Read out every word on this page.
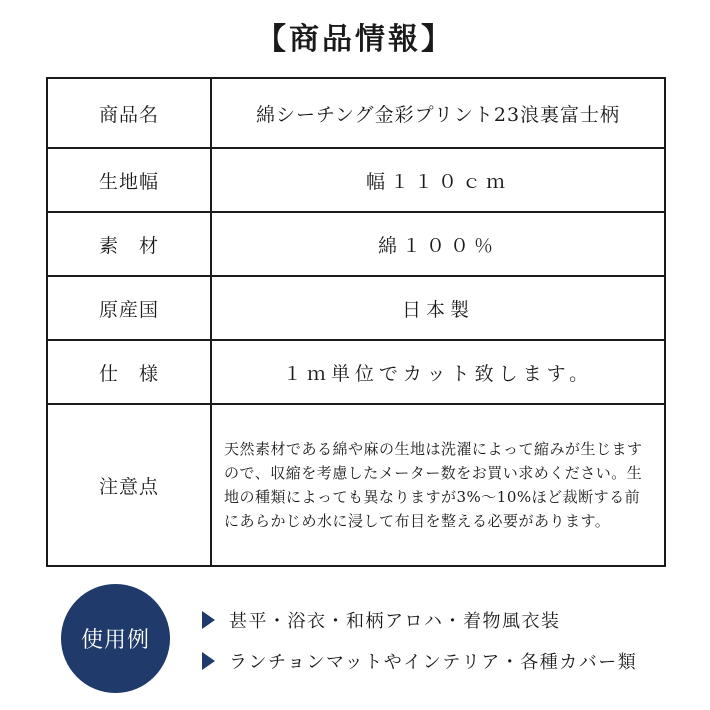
【商品情報】
商品名	綿シーチング金彩プリント23浪裏富士柄
生地幅	幅１１０ｃｍ
素　材	綿１００％
原産国	日本製
仕　様	１ｍ単位でカット致します。
注意点	天然素材である綿や麻の生地は洗濯によって縮みが生じますので、収縮を考慮したメーター数をお買い求めください。生地の種類によっても異なりますが3%〜10%ほど裁断する前にあらかじめ水に浸して布目を整える必要があります。
使用例
甚平・浴衣・和柄アロハ・着物風衣装
ランチョンマットやインテリア・各種カバー類
